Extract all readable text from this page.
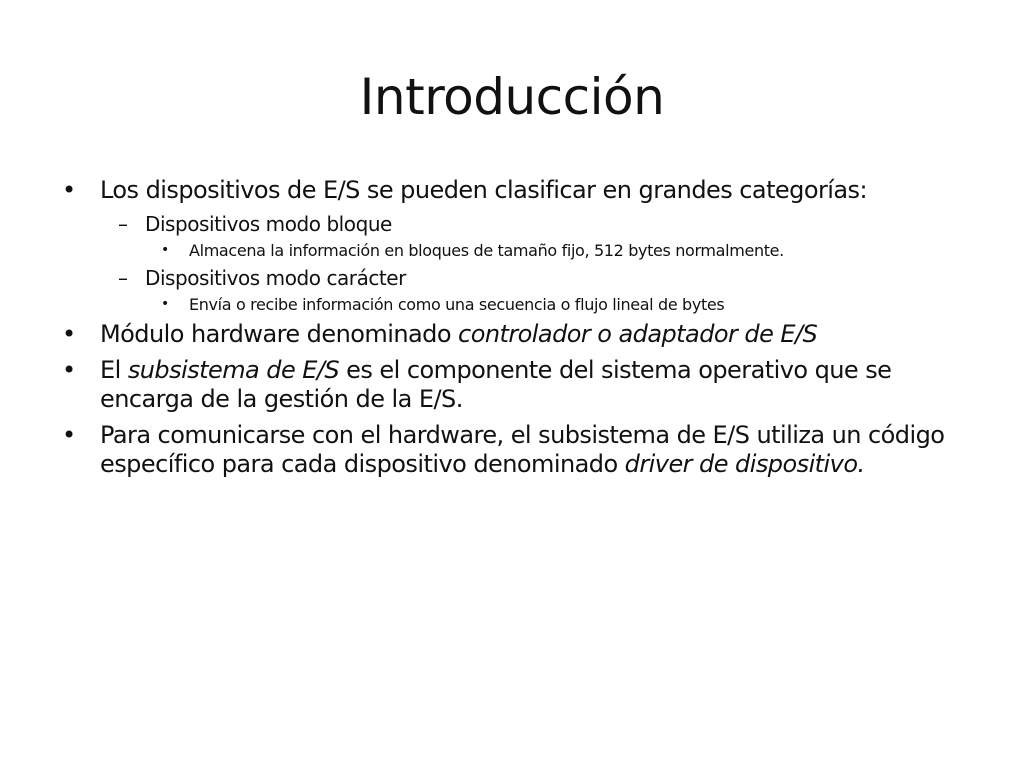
Introducción
• Los dispositivos de E/S se pueden clasificar en grandes categorías:
– Dispositivos modo bloque
• Almacena la información en bloques de tamaño fijo, 512 bytes normalmente.
– Dispositivos modo carácter
• Envía o recibe información como una secuencia o flujo lineal de bytes
• Módulo hardware denominado controlador o adaptador de E/S
• El subsistema de E/S es el componente del sistema operativo que se encarga de la gestión de la E/S.
• Para comunicarse con el hardware, el subsistema de E/S utiliza un código específico para cada dispositivo denominado driver de dispositivo.
